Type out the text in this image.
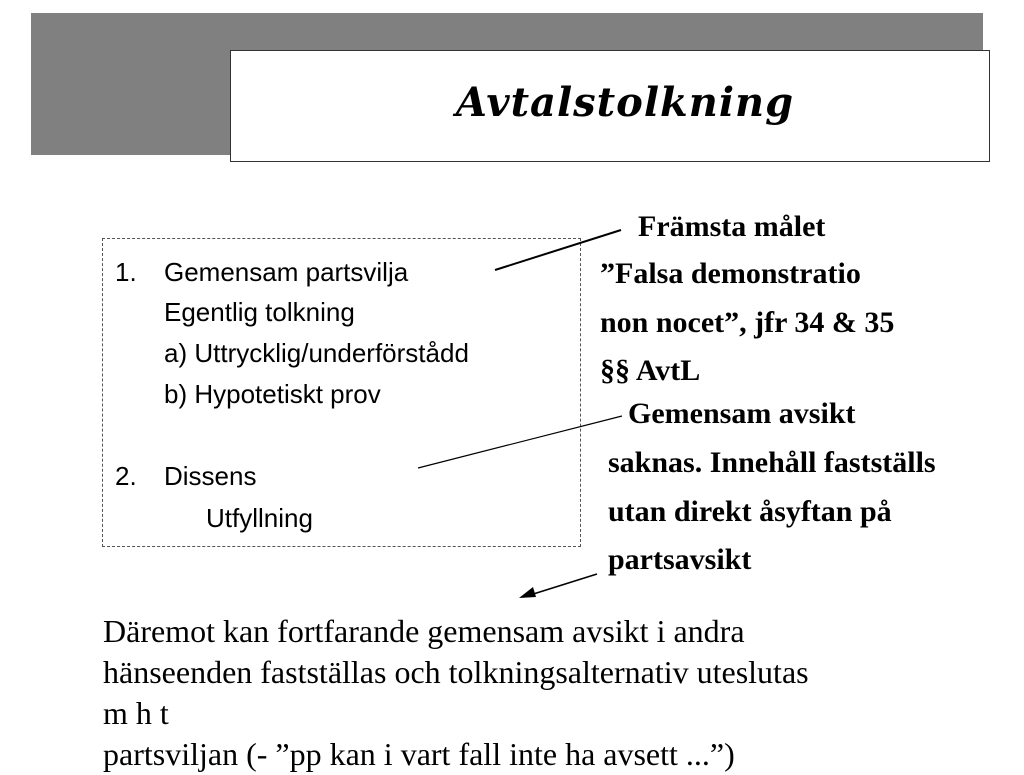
Avtalstolkning
1. Gemensam partsvilja
Egentlig tolkning
a) Uttrycklig/underförstådd
b) Hypotetiskt prov
2. Dissens
Utfyllning
Främsta målet
”Falsa demonstratio
non nocet”, jfr 34 & 35
§§ AvtL
Gemensam avsikt
saknas. Innehåll fastställs
utan direkt åsyftan på
partsavsikt
Däremot kan fortfarande gemensam avsikt i andra
hänseenden fastställas och tolkningsalternativ uteslutas
m h t
partsviljan (- ”pp kan i vart fall inte ha avsett ...”)
